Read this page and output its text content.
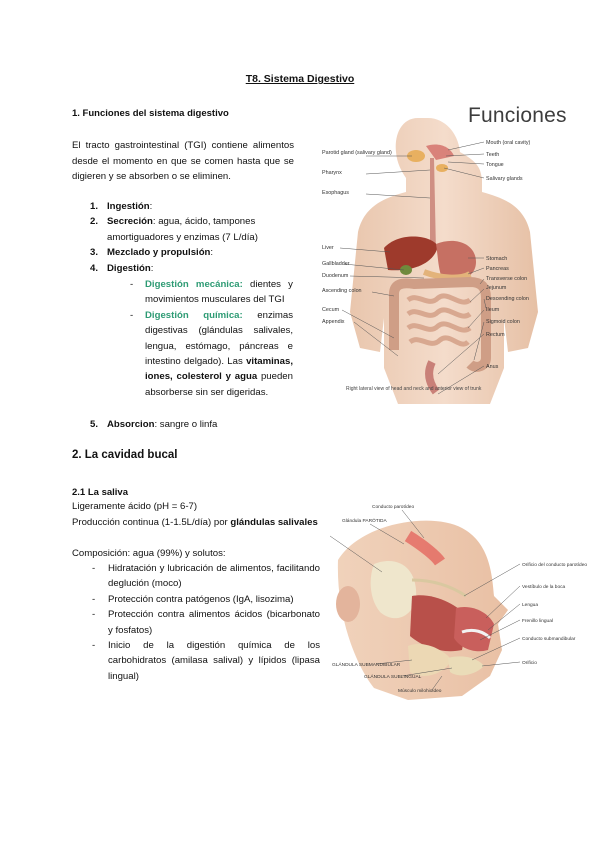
T8. Sistema Digestivo
1. Funciones del sistema digestivo
El tracto gastrointestinal (TGI) contiene alimentos desde el momento en que se comen hasta que se digieren y se absorben o se eliminen.
1. Ingestión:
2. Secreción: agua, ácido, tampones amortiguadores y enzimas (7 L/día)
3. Mezclado y propulsión:
4. Digestión:
- Digestión mecánica: dientes y movimientos musculares del TGI
- Digestión química: enzimas digestivas (glándulas salivales, lengua, estómago, páncreas e intestino delgado). Las vitaminas, iones, colesterol y agua pueden absorberse sin ser digeridas.
5. Absorcion: sangre o linfa
2. La cavidad bucal
2.1 La saliva
Ligeramente ácido (pH = 6-7)
Producción continua (1-1.5L/día) por glándulas salivales
Composición: agua (99%) y solutos:
- Hidratación y lubricación de alimentos, facilitando deglución (moco)
- Protección contra patógenos (IgA, lisozima)
- Protección contra alimentos ácidos (bicarbonato y fosfatos)
- Inicio de la digestión química de los carbohidratos (amilasa salival) y lípidos (lipasa lingual)
Funciones
Parotid gland (salivary gland)
Pharynx
Esophagus
Liver
Gallbladder
Duodenum
Ascending colon
Cecum
Appendix
Mouth (oral cavity)
Teeth
Tongue
Salivary glands
Stomach
Pancreas
Transverse colon
Jejunum
Descending colon
Ileum
Sigmoid colon
Rectum
Anus
Right lateral view of head and neck and anterior view of trunk
Conducto parotídeo
Glándula PARÓTIDA
Orificio del conducto parotídeo
Vestíbulo de la boca
Lengua
Frenillo lingual
Conducto submandibular
Orificio
GLÁNDULA SUBMANDIBULAR
GLÁNDULA SUBLINGUAL
Músculo milohioideo
